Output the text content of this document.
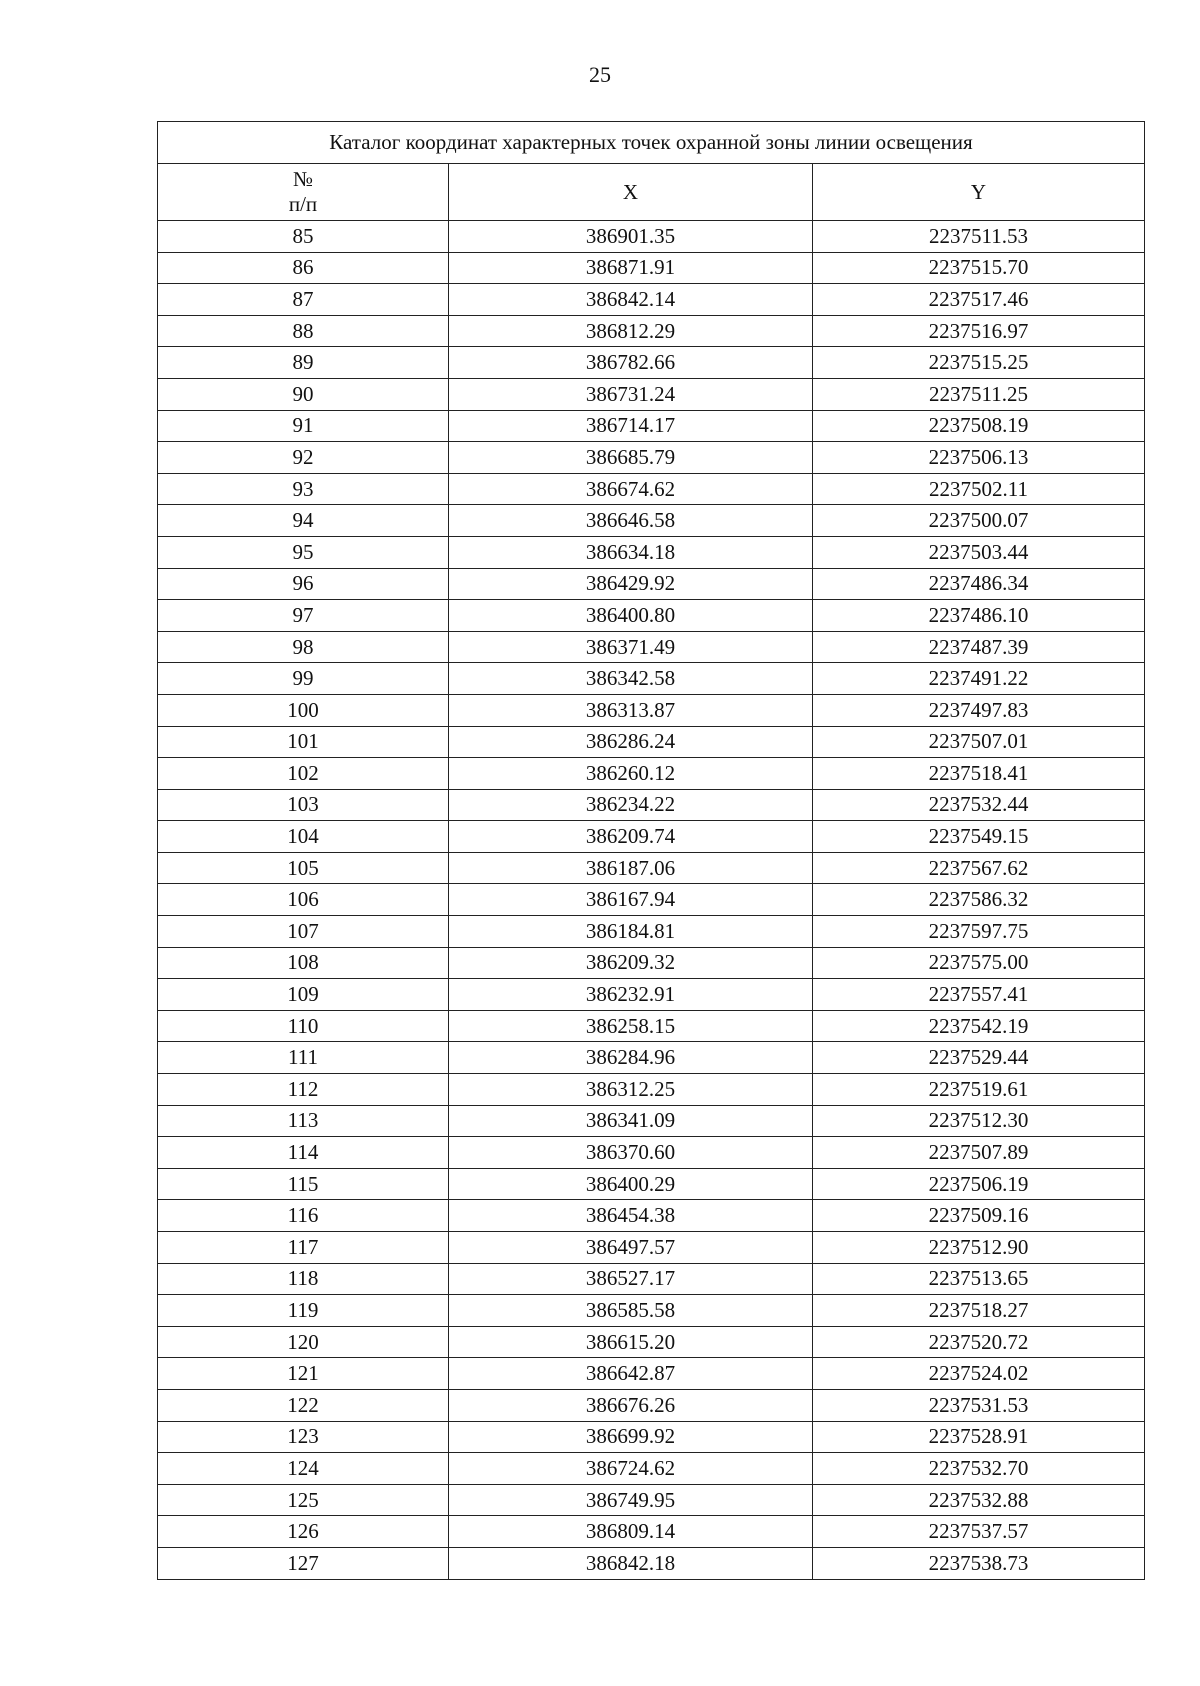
25
Каталог координат характерных точек охранной зоны линии освещения		

№
п/п	X	Y
85	386901.35	2237511.53
86	386871.91	2237515.70
87	386842.14	2237517.46
88	386812.29	2237516.97
89	386782.66	2237515.25
90	386731.24	2237511.25
91	386714.17	2237508.19
92	386685.79	2237506.13
93	386674.62	2237502.11
94	386646.58	2237500.07
95	386634.18	2237503.44
96	386429.92	2237486.34
97	386400.80	2237486.10
98	386371.49	2237487.39
99	386342.58	2237491.22
100	386313.87	2237497.83
101	386286.24	2237507.01
102	386260.12	2237518.41
103	386234.22	2237532.44
104	386209.74	2237549.15
105	386187.06	2237567.62
106	386167.94	2237586.32
107	386184.81	2237597.75
108	386209.32	2237575.00
109	386232.91	2237557.41
110	386258.15	2237542.19
111	386284.96	2237529.44
112	386312.25	2237519.61
113	386341.09	2237512.30
114	386370.60	2237507.89
115	386400.29	2237506.19
116	386454.38	2237509.16
117	386497.57	2237512.90
118	386527.17	2237513.65
119	386585.58	2237518.27
120	386615.20	2237520.72
121	386642.87	2237524.02
122	386676.26	2237531.53
123	386699.92	2237528.91
124	386724.62	2237532.70
125	386749.95	2237532.88
126	386809.14	2237537.57
127	386842.18	2237538.73
